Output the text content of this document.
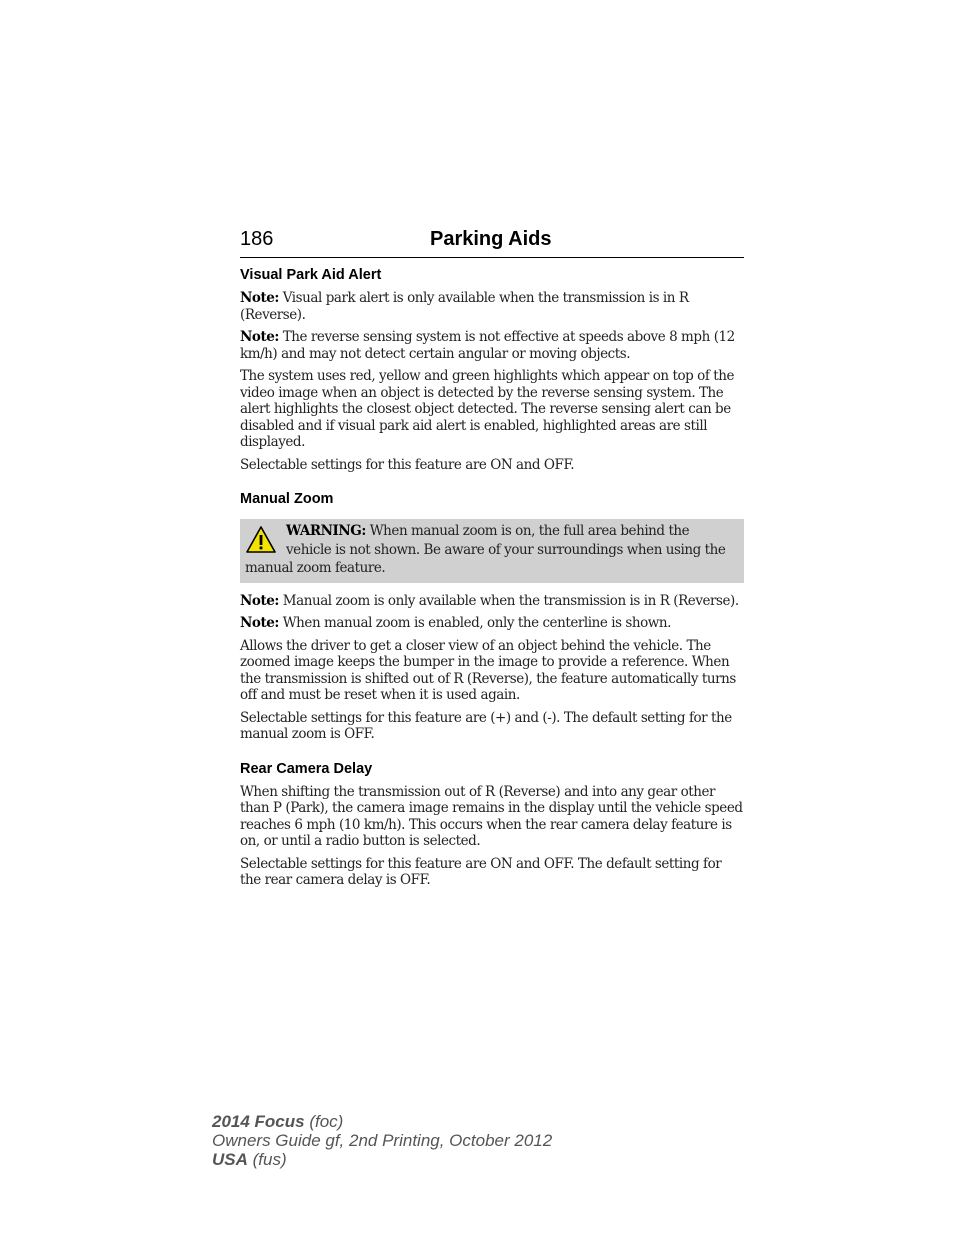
186	Parking Aids
Visual Park Aid Alert

Note: Visual park alert is only available when the transmission is in R (Reverse).

Note: The reverse sensing system is not effective at speeds above 8 mph (12 km/h) and may not detect certain angular or moving objects.

The system uses red, yellow and green highlights which appear on top of the video image when an object is detected by the reverse sensing system. The alert highlights the closest object detected. The reverse sensing alert can be disabled and if visual park aid alert is enabled, highlighted areas are still displayed.

Selectable settings for this feature are ON and OFF.

Manual Zoom

WARNING: When manual zoom is on, the full area behind the vehicle is not shown. Be aware of your surroundings when using the manual zoom feature.

Note: Manual zoom is only available when the transmission is in R (Reverse).

Note: When manual zoom is enabled, only the centerline is shown.

Allows the driver to get a closer view of an object behind the vehicle. The zoomed image keeps the bumper in the image to provide a reference. When the transmission is shifted out of R (Reverse), the feature automatically turns off and must be reset when it is used again.

Selectable settings for this feature are (+) and (-). The default setting for the manual zoom is OFF.

Rear Camera Delay

When shifting the transmission out of R (Reverse) and into any gear other than P (Park), the camera image remains in the display until the vehicle speed reaches 6 mph (10 km/h). This occurs when the rear camera delay feature is on, or until a radio button is selected.

Selectable settings for this feature are ON and OFF. The default setting for the rear camera delay is OFF.

2014 Focus (foc)
Owners Guide gf, 2nd Printing, October 2012
USA (fus)
